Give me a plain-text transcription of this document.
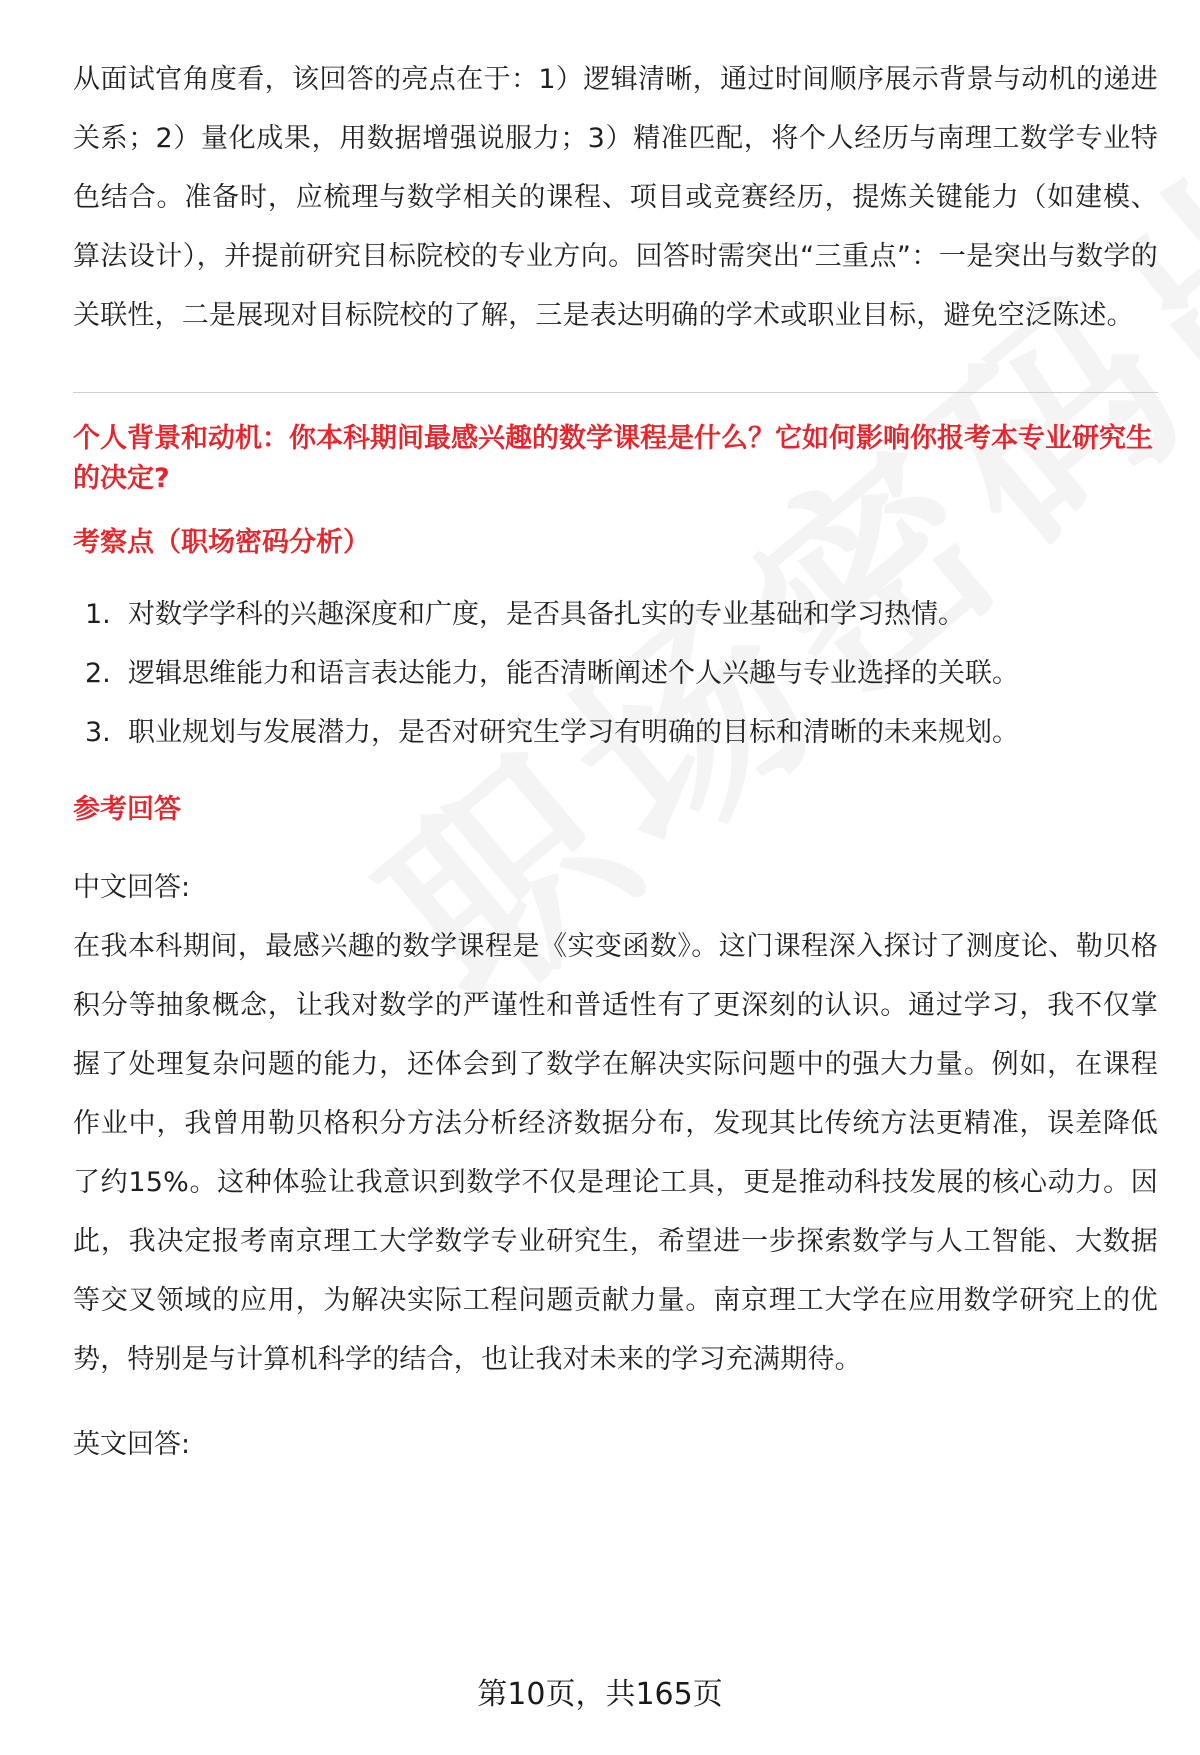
从面试官角度看，该回答的亮点在于：1）逻辑清晰，通过时间顺序展示背景与动机的递进关系；2）量化成果，用数据增强说服力；3）精准匹配，将个人经历与南理工数学专业特色结合。准备时，应梳理与数学相关的课程、项目或竞赛经历，提炼关键能力（如建模、算法设计），并提前研究目标院校的专业方向。回答时需突出“三重点”：一是突出与数学的关联性，二是展现对目标院校的了解，三是表达明确的学术或职业目标，避免空泛陈述。

个人背景和动机：你本科期间最感兴趣的数学课程是什么？它如何影响你报考本专业研究生的决定?
考察点（职场密码分析）
1. 对数学学科的兴趣深度和广度，是否具备扎实的专业基础和学习热情。
2. 逻辑思维能力和语言表达能力，能否清晰阐述个人兴趣与专业选择的关联。
3. 职业规划与发展潜力，是否对研究生学习有明确的目标和清晰的未来规划。
参考回答
中文回答:

在我本科期间，最感兴趣的数学课程是《实变函数》。这门课程深入探讨了测度论、勒贝格积分等抽象概念，让我对数学的严谨性和普适性有了更深刻的认识。通过学习，我不仅掌握了处理复杂问题的能力，还体会到了数学在解决实际问题中的强大力量。例如，在课程作业中，我曾用勒贝格积分方法分析经济数据分布，发现其比传统方法更精准，误差降低了约15%。这种体验让我意识到数学不仅是理论工具，更是推动科技发展的核心动力。因此，我决定报考南京理工大学数学专业研究生，希望进一步探索数学与人工智能、大数据等交叉领域的应用，为解决实际工程问题贡献力量。南京理工大学在应用数学研究上的优势，特别是与计算机科学的结合，也让我对未来的学习充满期待。

英文回答:
第10页，共165页
